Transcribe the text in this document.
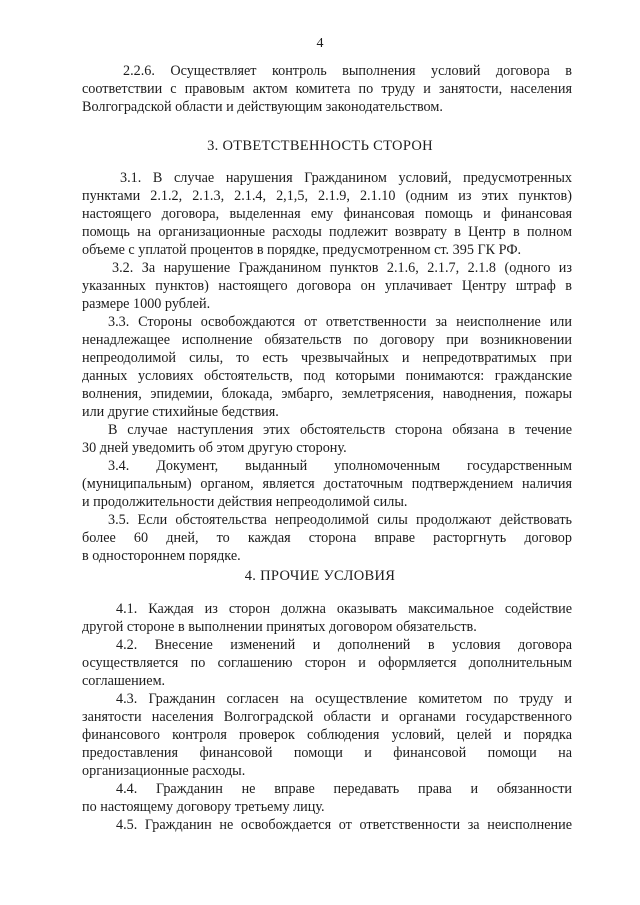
4
2.2.6. Осуществляет контроль выполнения условий договора в
соответствии с правовым актом комитета по труду и занятости, населения
Волгоградской области и действующим законодательством.
3. ОТВЕТСТВЕННОСТЬ СТОРОН
3.1. В случае нарушения Гражданином условий, предусмотренных
пунктами 2.1.2, 2.1.3, 2.1.4, 2,1,5, 2.1.9, 2.1.10 (одним из этих пунктов)
настоящего договора, выделенная ему финансовая помощь и финансовая
помощь на организационные расходы подлежит возврату в Центр в полном
объеме с уплатой процентов в порядке, предусмотренном ст. 395 ГК РФ.
3.2. За нарушение Гражданином пунктов 2.1.6, 2.1.7, 2.1.8 (одного из
указанных пунктов) настоящего договора он уплачивает Центру штраф в
размере 1000 рублей.
3.3. Стороны освобождаются от ответственности за неисполнение или
ненадлежащее исполнение обязательств по договору при возникновении
непреодолимой силы, то есть чрезвычайных и непредотвратимых при
данных условиях обстоятельств, под которыми понимаются: гражданские
волнения, эпидемии, блокада, эмбарго, землетрясения, наводнения, пожары
или другие стихийные бедствия.
В случае наступления этих обстоятельств сторона обязана в течение
30 дней уведомить об этом другую сторону.
3.4. Документ, выданный уполномоченным государственным
(муниципальным) органом, является достаточным подтверждением наличия
и продолжительности действия непреодолимой силы.
3.5. Если обстоятельства непреодолимой силы продолжают действовать
более 60 дней, то каждая сторона вправе расторгнуть договор
в одностороннем порядке.
4. ПРОЧИЕ УСЛОВИЯ
4.1. Каждая из сторон должна оказывать максимальное содействие
другой стороне в выполнении принятых договором обязательств.
4.2. Внесение изменений и дополнений в условия договора
осуществляется по соглашению сторон и оформляется дополнительным
соглашением.
4.3. Гражданин согласен на осуществление комитетом по труду и
занятости населения Волгоградской области и органами государственного
финансового контроля проверок соблюдения условий, целей и порядка
предоставления финансовой помощи и финансовой помощи на
организационные расходы.
4.4. Гражданин не вправе передавать права и обязанности
по настоящему договору третьему лицу.
4.5. Гражданин не освобождается от ответственности за неисполнение
